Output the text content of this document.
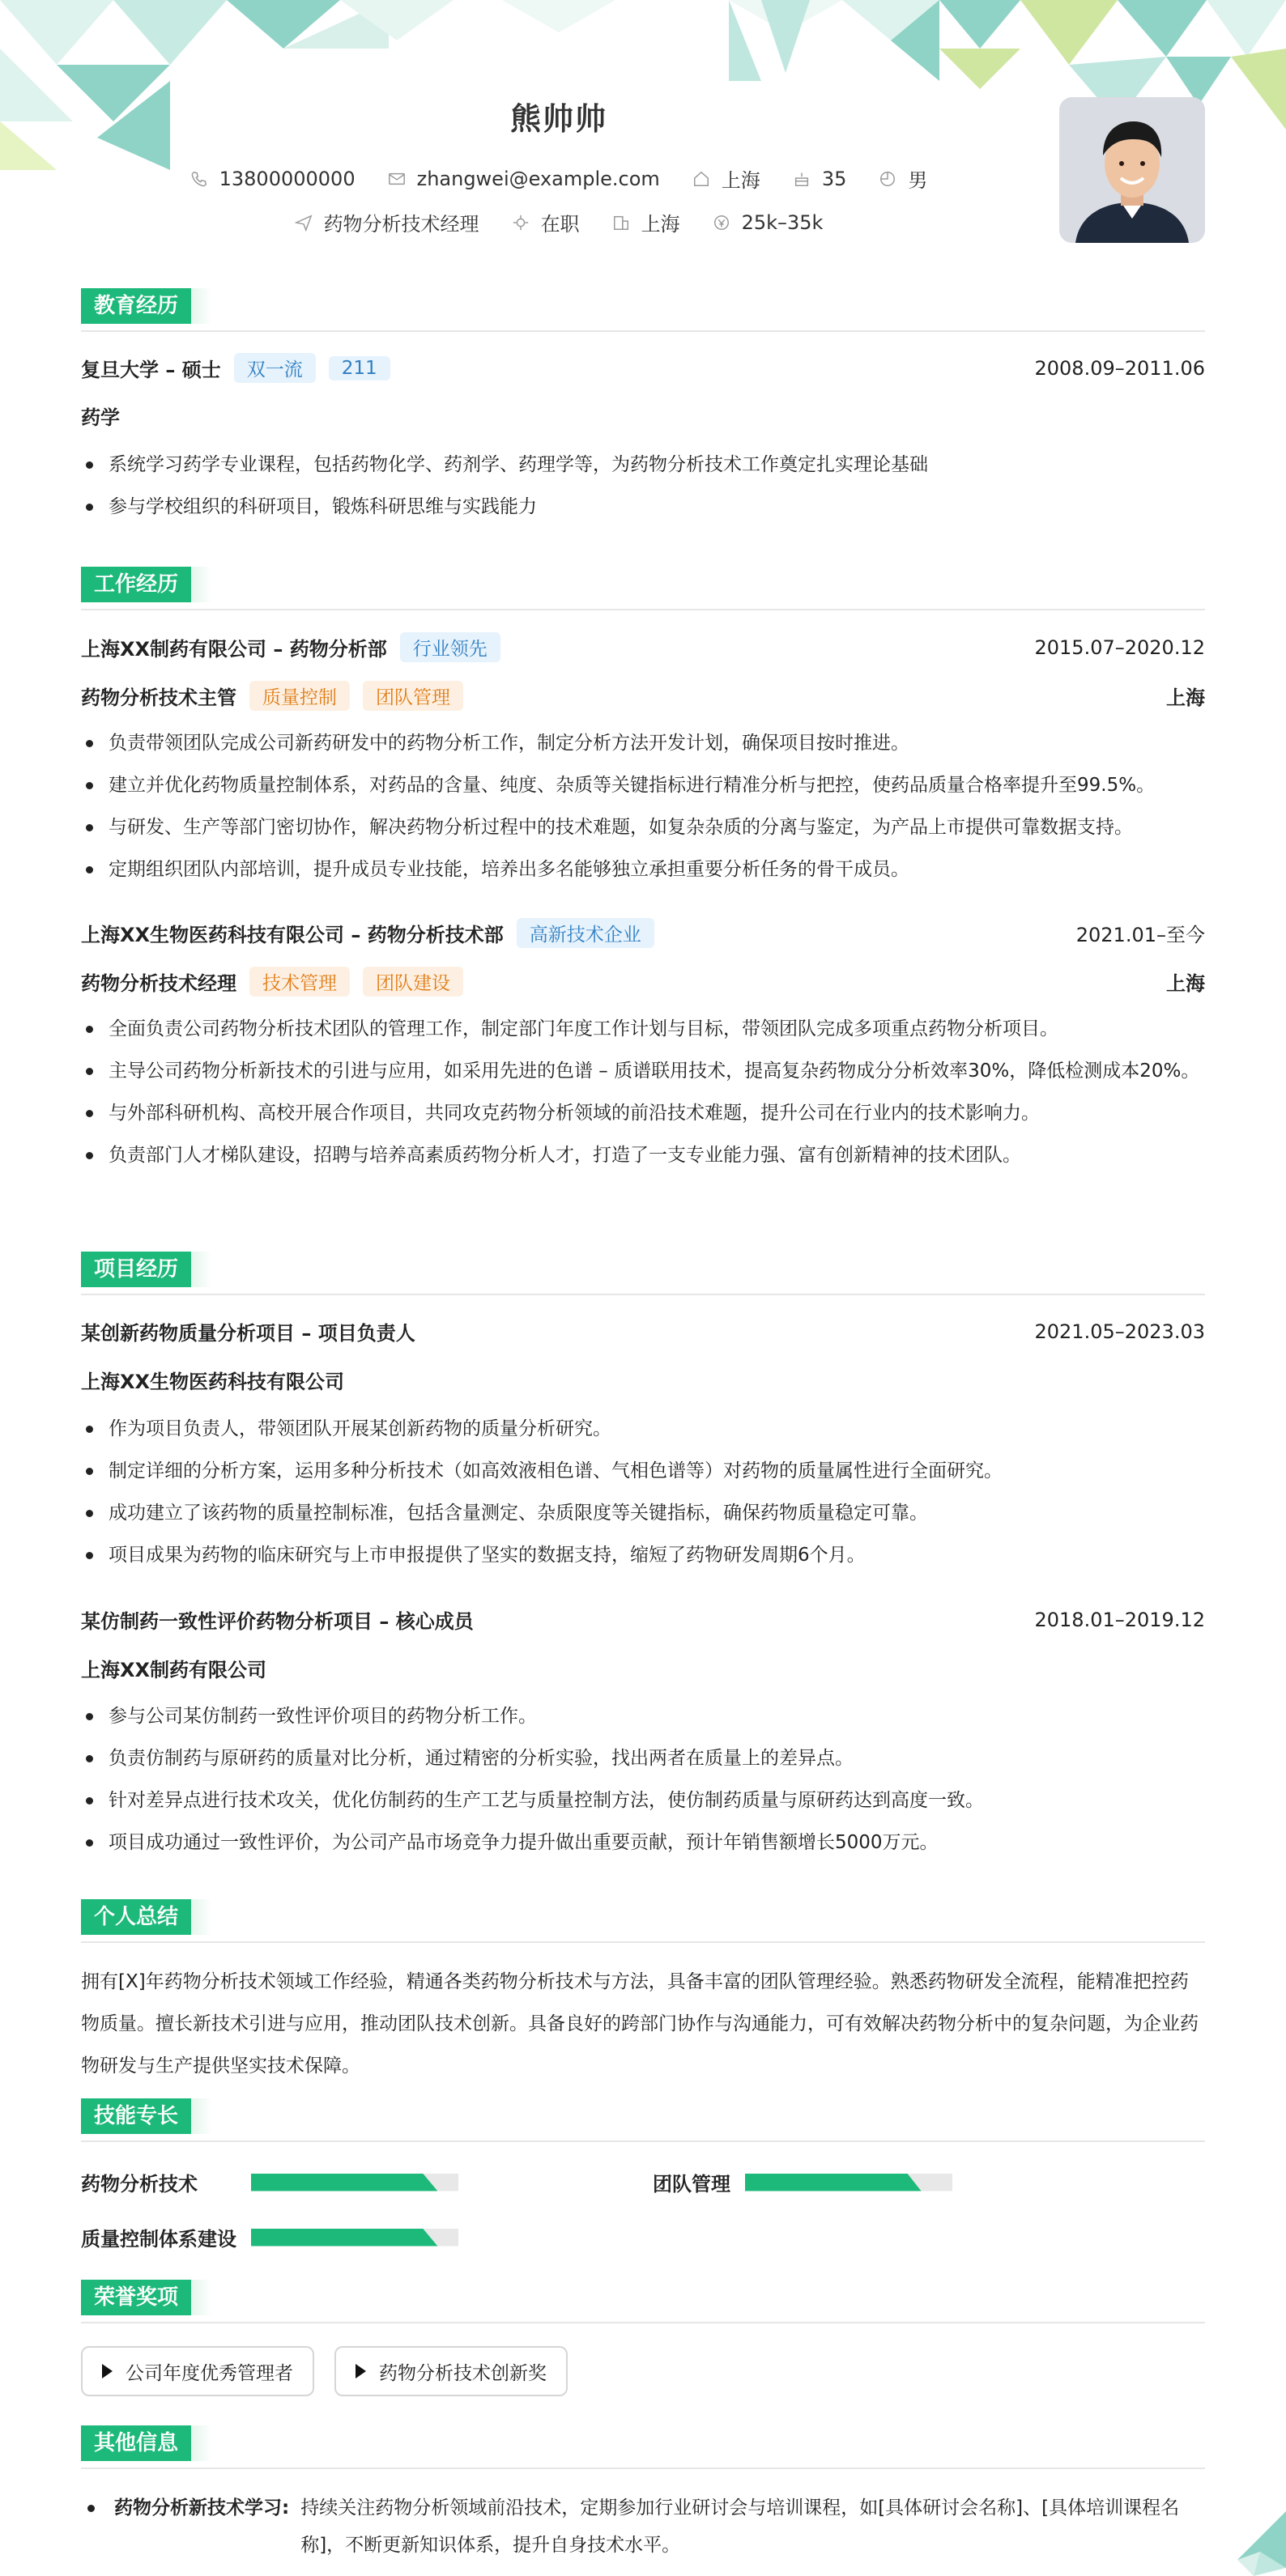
熊帅帅
13800000000	zhangwei@example.com	上海	35	男
药物分析技术经理	在职	上海	25k–35k
教育经历
复旦大学 – 硕士	双一流	211	2008.09–2011.06
药学
系统学习药学专业课程，包括药物化学、药剂学、药理学等，为药物分析技术工作奠定扎实理论基础
参与学校组织的科研项目，锻炼科研思维与实践能力
工作经历
上海XX制药有限公司 – 药物分析部	行业领先	2015.07–2020.12
药物分析技术主管	质量控制	团队管理	上海
负责带领团队完成公司新药研发中的药物分析工作，制定分析方法开发计划，确保项目按时推进。
建立并优化药物质量控制体系，对药品的含量、纯度、杂质等关键指标进行精准分析与把控，使药品质量合格率提升至99.5%。
与研发、生产等部门密切协作，解决药物分析过程中的技术难题，如复杂杂质的分离与鉴定，为产品上市提供可靠数据支持。
定期组织团队内部培训，提升成员专业技能，培养出多名能够独立承担重要分析任务的骨干成员。
上海XX生物医药科技有限公司 – 药物分析技术部	高新技术企业	2021.01–至今
药物分析技术经理	技术管理	团队建设	上海
全面负责公司药物分析技术团队的管理工作，制定部门年度工作计划与目标，带领团队完成多项重点药物分析项目。
主导公司药物分析新技术的引进与应用，如采用先进的色谱 – 质谱联用技术，提高复杂药物成分分析效率30%，降低检测成本20%。
与外部科研机构、高校开展合作项目，共同攻克药物分析领域的前沿技术难题，提升公司在行业内的技术影响力。
负责部门人才梯队建设，招聘与培养高素质药物分析人才，打造了一支专业能力强、富有创新精神的技术团队。
项目经历
某创新药物质量分析项目 – 项目负责人	2021.05–2023.03
上海XX生物医药科技有限公司
作为项目负责人，带领团队开展某创新药物的质量分析研究。
制定详细的分析方案，运用多种分析技术（如高效液相色谱、气相色谱等）对药物的质量属性进行全面研究。
成功建立了该药物的质量控制标准，包括含量测定、杂质限度等关键指标，确保药物质量稳定可靠。
项目成果为药物的临床研究与上市申报提供了坚实的数据支持，缩短了药物研发周期6个月。
某仿制药一致性评价药物分析项目 – 核心成员	2018.01–2019.12
上海XX制药有限公司
参与公司某仿制药一致性评价项目的药物分析工作。
负责仿制药与原研药的质量对比分析，通过精密的分析实验，找出两者在质量上的差异点。
针对差异点进行技术攻关，优化仿制药的生产工艺与质量控制方法，使仿制药质量与原研药达到高度一致。
项目成功通过一致性评价，为公司产品市场竞争力提升做出重要贡献，预计年销售额增长5000万元。
个人总结
拥有[X]年药物分析技术领域工作经验，精通各类药物分析技术与方法，具备丰富的团队管理经验。熟悉药物研发全流程，能精准把控药物质量。擅长新技术引进与应用，推动团队技术创新。具备良好的跨部门协作与沟通能力，可有效解决药物分析中的复杂问题，为企业药物研发与生产提供坚实技术保障。
技能专长
药物分析技术	团队管理
质量控制体系建设
荣誉奖项
公司年度优秀管理者	药物分析技术创新奖
其他信息
药物分析新技术学习: 持续关注药物分析领域前沿技术，定期参加行业研讨会与培训课程，如[具体研讨会名称]、[具体培训课程名称]，不断更新知识体系，提升自身技术水平。
